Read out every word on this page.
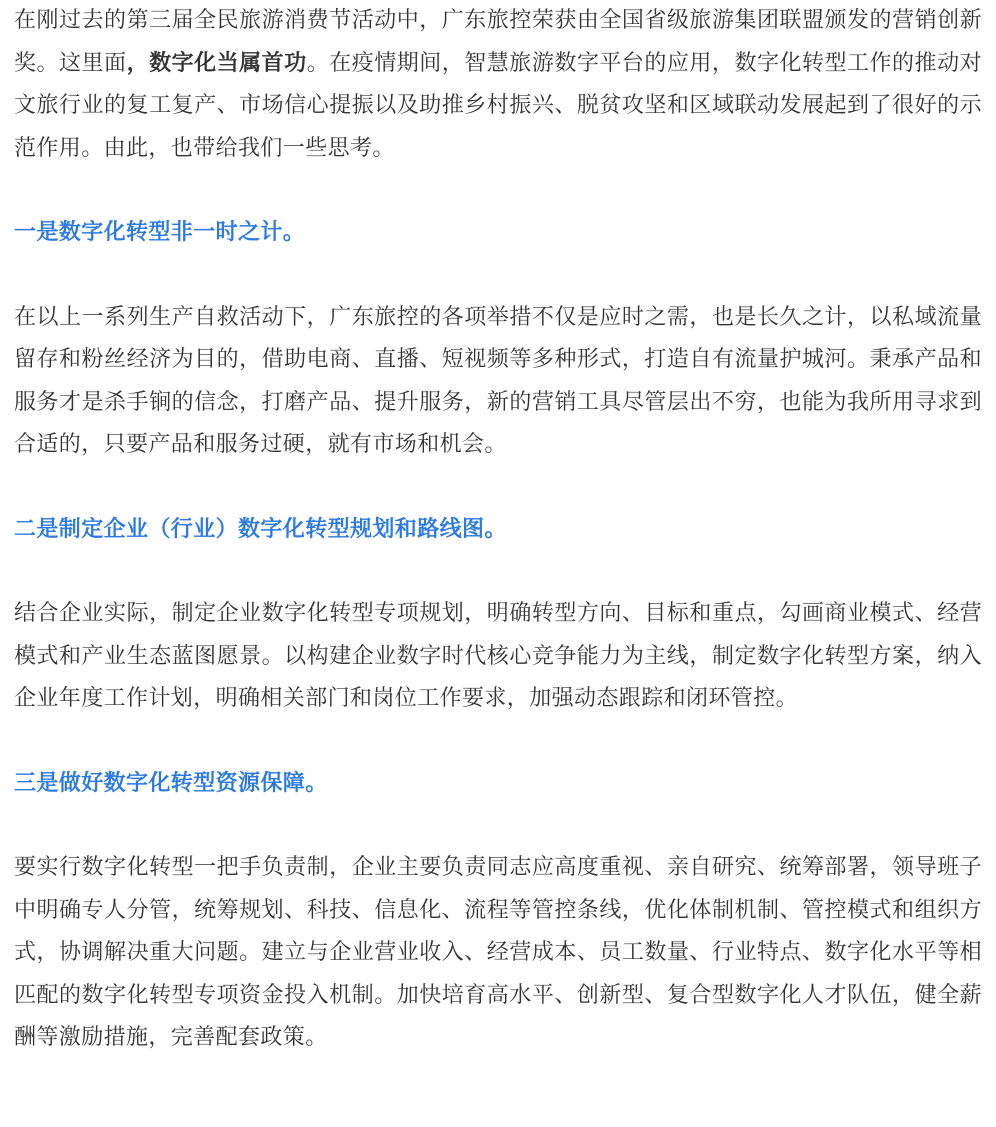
在刚过去的第三届全民旅游消费节活动中，广东旅控荣获由全国省级旅游集团联盟颁发的营销创新奖。这里面，数字化当属首功。在疫情期间，智慧旅游数字平台的应用，数字化转型工作的推动对文旅行业的复工复产、市场信心提振以及助推乡村振兴、脱贫攻坚和区域联动发展起到了很好的示范作用。由此，也带给我们一些思考。

一是数字化转型非一时之计。

在以上一系列生产自救活动下，广东旅控的各项举措不仅是应时之需，也是长久之计，以私域流量留存和粉丝经济为目的，借助电商、直播、短视频等多种形式，打造自有流量护城河。秉承产品和服务才是杀手锏的信念，打磨产品、提升服务，新的营销工具尽管层出不穷，也能为我所用寻求到合适的，只要产品和服务过硬，就有市场和机会。

二是制定企业（行业）数字化转型规划和路线图。

结合企业实际，制定企业数字化转型专项规划，明确转型方向、目标和重点，勾画商业模式、经营模式和产业生态蓝图愿景。以构建企业数字时代核心竞争能力为主线，制定数字化转型方案，纳入企业年度工作计划，明确相关部门和岗位工作要求，加强动态跟踪和闭环管控。

三是做好数字化转型资源保障。

要实行数字化转型一把手负责制，企业主要负责同志应高度重视、亲自研究、统筹部署，领导班子中明确专人分管，统筹规划、科技、信息化、流程等管控条线，优化体制机制、管控模式和组织方式，协调解决重大问题。建立与企业营业收入、经营成本、员工数量、行业特点、数字化水平等相匹配的数字化转型专项资金投入机制。加快培育高水平、创新型、复合型数字化人才队伍，健全薪酬等激励措施，完善配套政策。
